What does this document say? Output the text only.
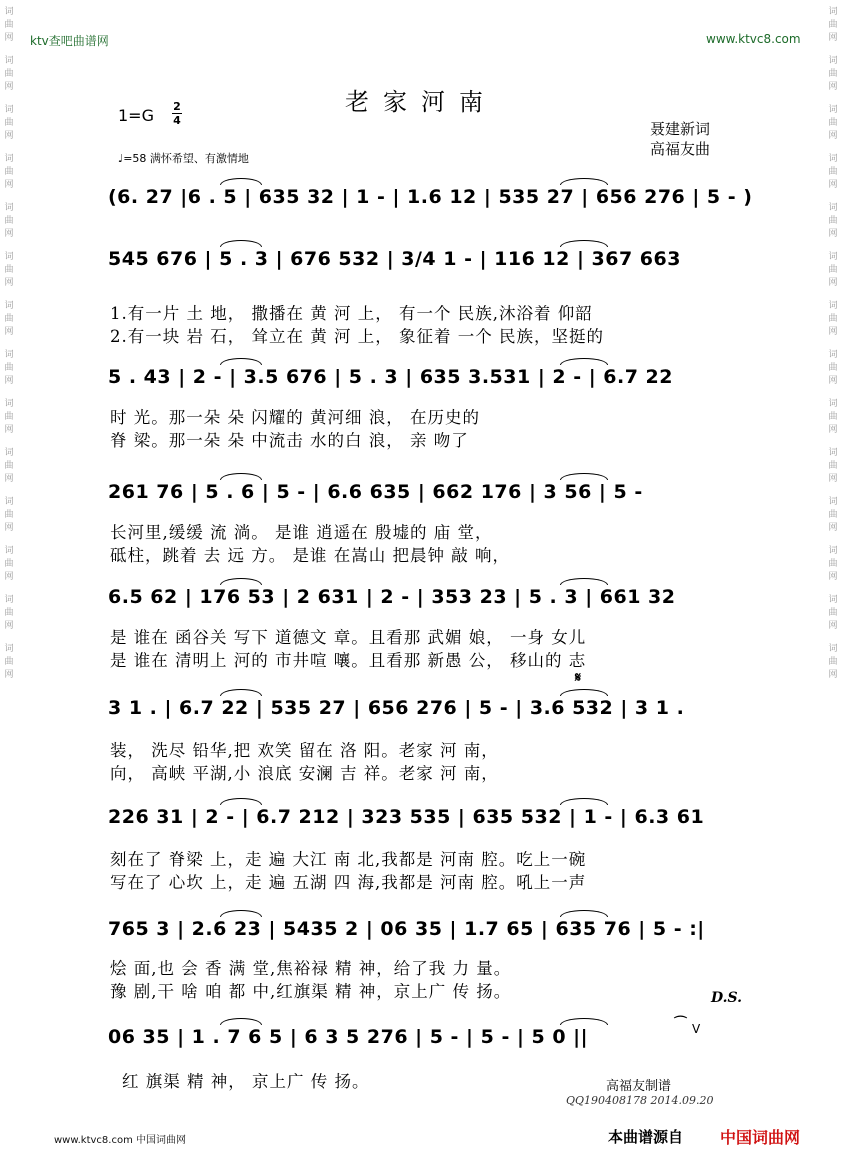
词
曲
网
词
曲
网
词
曲
网
词
曲
网
词
曲
网
词
曲
网
词
曲
网
词
曲
网
词
曲
网
词
曲
网
词
曲
网
词
曲
网
词
曲
网
词
曲
网
词
曲
网
词
曲
网
词
曲
网
词
曲
网
词
曲
网
词
曲
网
词
曲
网
词
曲
网
词
曲
网
词
曲
网
词
曲
网
词
曲
网
词
曲
网
词
曲
网
ktv查吧曲谱网	www.ktvc8.com
老家河南
1=G 2
4	聂建新词
高福友曲
♩=58 满怀希望、有激情地
(6. 27 |6 . 5 | 635 32 | 1 - | 1.6 12 | 535 27 | 656 276 | 5 - )
545 676 | 5 . 3 | 676 532 | 3/4 1 - | 116 12 | 367 663
1.有一片 土 地， 撒播在 黄 河 上， 有一个 民族,沐浴着 仰韶
2.有一块 岩 石， 耸立在 黄 河 上， 象征着 一个 民族，坚挺的
5 . 43 | 2 - | 3.5 676 | 5 . 3 | 635 3.531 | 2 - | 6.7 22
时 光。那一朵 朵 闪耀的 黄河细 浪， 在历史的
脊 梁。那一朵 朵 中流击 水的白 浪， 亲 吻了
261 76 | 5 . 6 | 5 - | 6.6 635 | 662 176 | 3 56 | 5 -
长河里,缓缓 流 淌。 是谁 逍遥在 殷墟的 庙 堂，
砥柱，跳着 去 远 方。 是谁 在嵩山 把晨钟 敲 响，
6.5 62 | 176 53 | 2 631 | 2 - | 353 23 | 5 . 3 | 661 32
是 谁在 函谷关 写下 道德文 章。且看那 武媚 娘， 一身 女儿
是 谁在 清明上 河的 市井喧 嚷。且看那 新愚 公， 移山的 志
3 1 . | 6.7 22 | 535 27 | 656 276 | 5 - | 3.6 532 | 3 1 .
装， 洗尽 铅华,把 欢笑 留在 洛 阳。老家 河 南，
向， 高峡 平湖,小 浪底 安澜 吉 祥。老家 河 南，
226 31 | 2 - | 6.7 212 | 323 535 | 635 532 | 1 - | 6.3 61
刻在了 脊梁 上，走 遍 大江 南 北,我都是 河南 腔。吃上一碗
写在了 心坎 上，走 遍 五湖 四 海,我都是 河南 腔。吼上一声
765 3 | 2.6 23 | 5435 2 | 06 35 | 1.7 65 | 635 76 | 5 - :|
烩 面,也 会 香 满 堂,焦裕禄 精 神，给了我 力 量。
豫 剧,干 啥 咱 都 中,红旗渠 精 神，京上广 传 扬。
06 35 | 1 . 7 6 5 | 6 3 5 276 | 5 - | 5 - | 5 0 ||
红 旗渠 精 神， 京上广 传 扬。
𝄋
D.S.
⌒ V
高福友制谱
QQ190408178 2014.09.20
www.ktvc8.com 中国词曲网	本曲谱源自 中国词曲网
